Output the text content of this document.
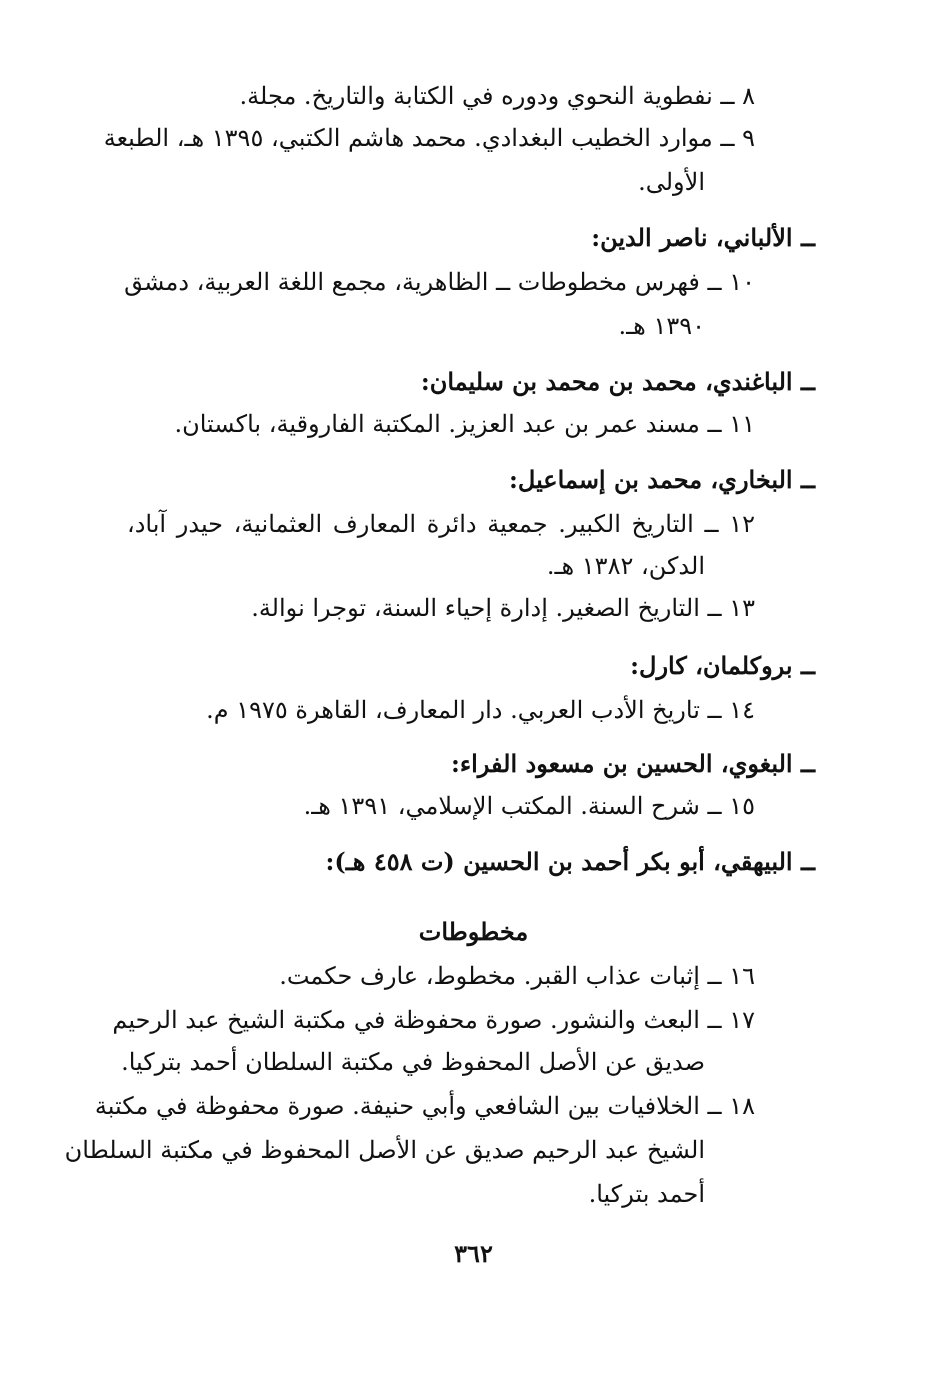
٨ ــ نفطوية النحوي ودوره في الكتابة والتاريخ. مجلة.
٩ ــ موارد الخطيب البغدادي. محمد هاشم الكتبي، ١٣٩٥ هـ، الطبعة
الأولى.
ــ الألباني، ناصر الدين:
١٠ ــ فهرس مخطوطات ــ الظاهرية، مجمع اللغة العربية، دمشق
١٣٩٠ هـ.
ــ الباغندي، محمد بن محمد بن سليمان:
١١ ــ مسند عمر بن عبد العزيز. المكتبة الفاروقية، باكستان.
ــ البخاري، محمد بن إسماعيل:
١٢ ــ التاريخ الكبير. جمعية دائرة المعارف العثمانية، حيدر آباد،
الدكن، ١٣٨٢ هـ.
١٣ ــ التاريخ الصغير. إدارة إحياء السنة، توجرا نوالة.
ــ بروكلمان، كارل:
١٤ ــ تاريخ الأدب العربي. دار المعارف، القاهرة ١٩٧٥ م.
ــ البغوي، الحسين بن مسعود الفراء:
١٥ ــ شرح السنة. المكتب الإسلامي، ١٣٩١ هـ.
ــ البيهقي، أبو بكر أحمد بن الحسين (ت ٤٥٨ هـ):
مخطوطات
١٦ ــ إثبات عذاب القبر. مخطوط، عارف حكمت.
١٧ ــ البعث والنشور. صورة محفوظة في مكتبة الشيخ عبد الرحيم
صديق عن الأصل المحفوظ في مكتبة السلطان أحمد بتركيا.
١٨ ــ الخلافيات بين الشافعي وأبي حنيفة. صورة محفوظة في مكتبة
الشيخ عبد الرحيم صديق عن الأصل المحفوظ في مكتبة السلطان
أحمد بتركيا.
٣٦٢
